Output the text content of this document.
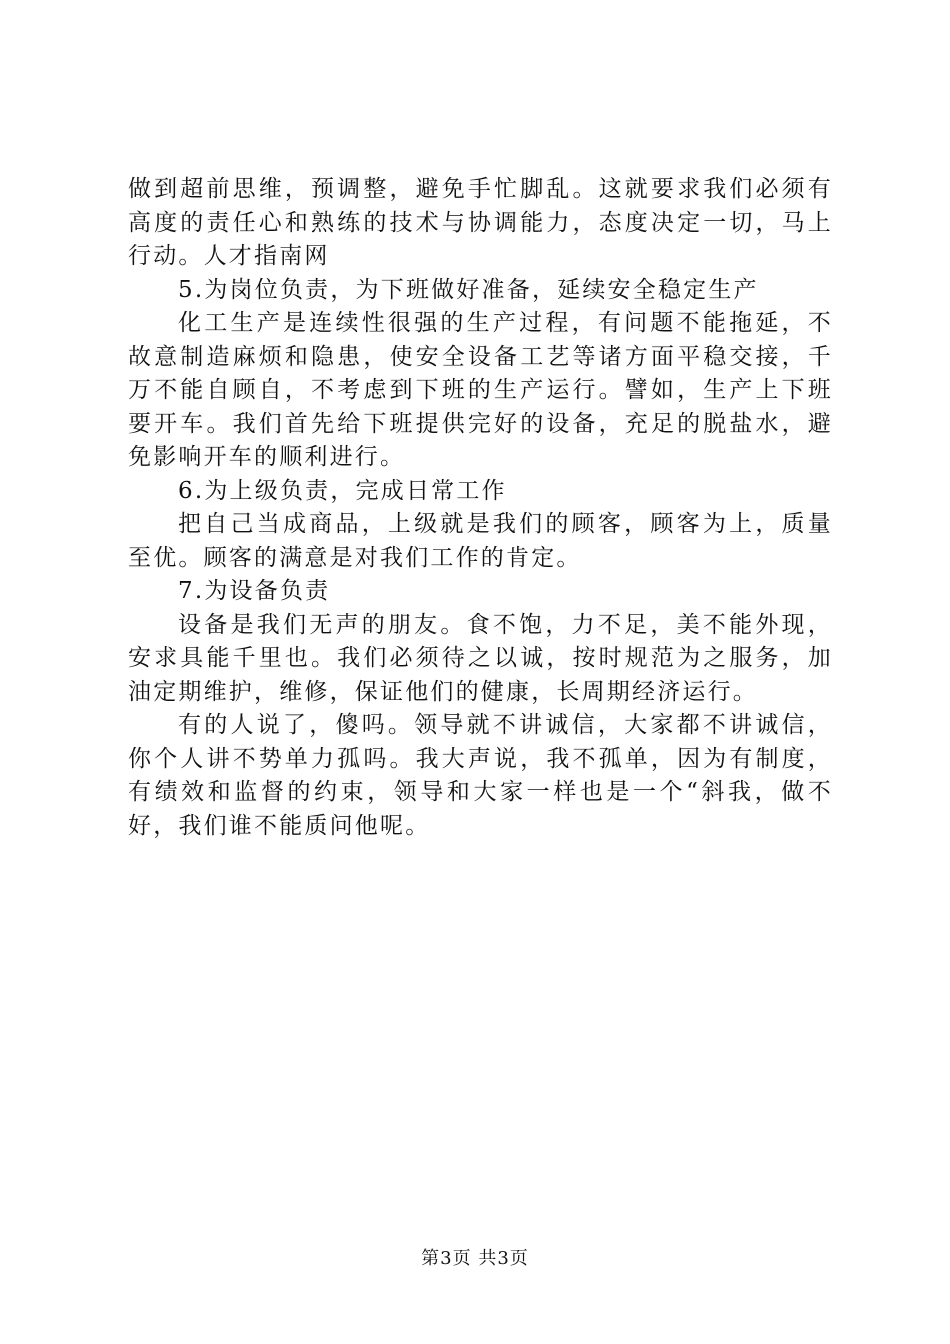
做到超前思维，预调整，避免手忙脚乱。这就要求我们必须有高度的责任心和熟练的技术与协调能力，态度决定一切，马上行动。人才指南网

5.为岗位负责，为下班做好准备，延续安全稳定生产

化工生产是连续性很强的生产过程，有问题不能拖延，不故意制造麻烦和隐患，使安全设备工艺等诸方面平稳交接，千万不能自顾自，不考虑到下班的生产运行。譬如，生产上下班要开车。我们首先给下班提供完好的设备，充足的脱盐水，避免影响开车的顺利进行。

6.为上级负责，完成日常工作

把自己当成商品，上级就是我们的顾客，顾客为上，质量至优。顾客的满意是对我们工作的肯定。

7.为设备负责

设备是我们无声的朋友。食不饱，力不足，美不能外现，安求具能千里也。我们必须待之以诚，按时规范为之服务，加油定期维护，维修，保证他们的健康，长周期经济运行。

有的人说了，傻吗。领导就不讲诚信，大家都不讲诚信，你个人讲不势单力孤吗。我大声说，我不孤单，因为有制度，有绩效和监督的约束，领导和大家一样也是一个“斜我，做不好，我们谁不能质问他呢。

第3页 共3页
